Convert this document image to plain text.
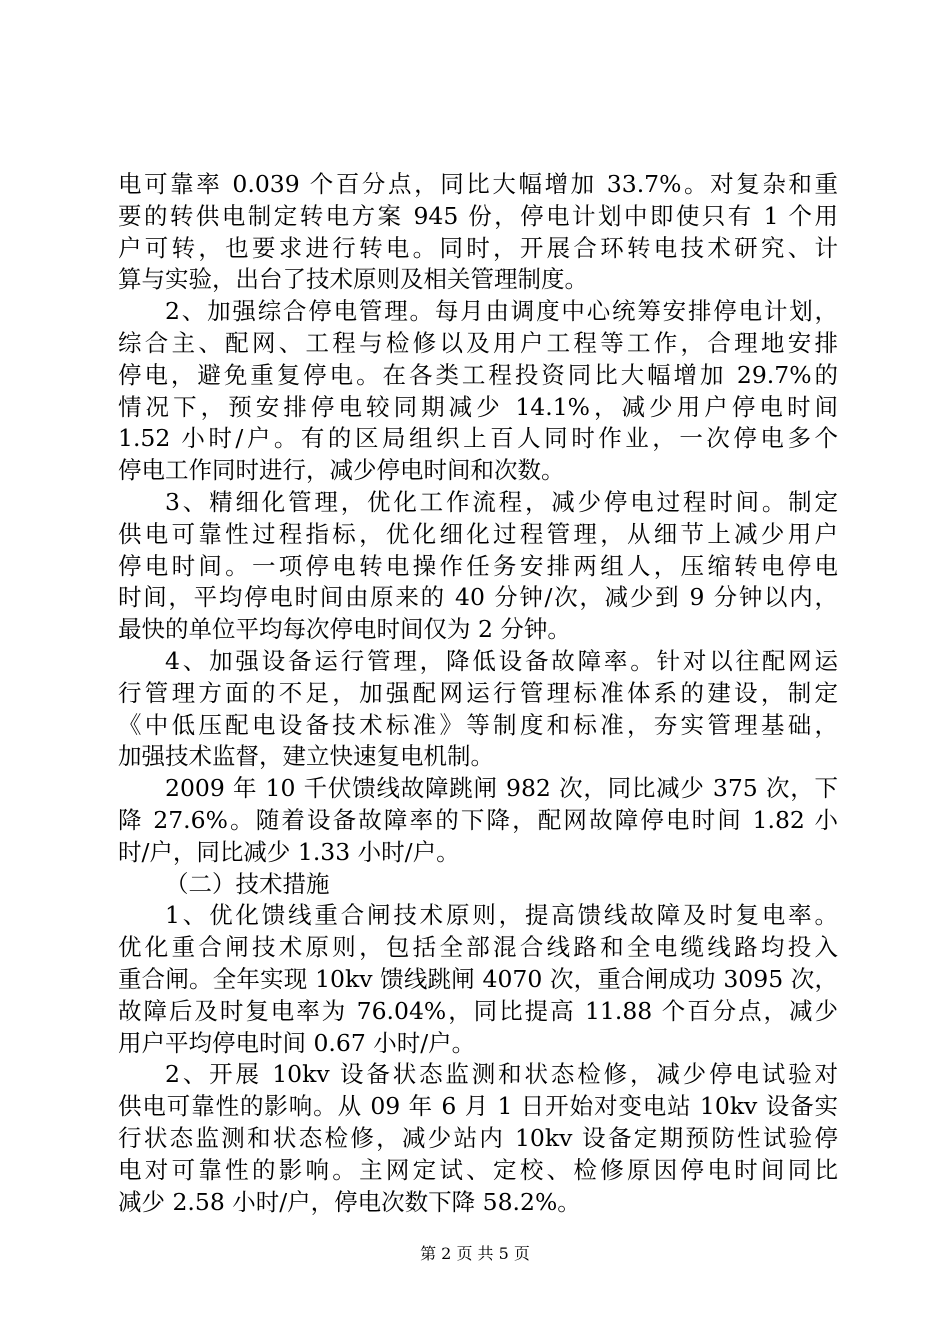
电可靠率 0.039 个百分点，同比大幅增加 33.7%。对复杂和重
要的转供电制定转电方案 945 份，停电计划中即使只有 1 个用
户可转，也要求进行转电。同时，开展合环转电技术研究、计
算与实验，出台了技术原则及相关管理制度。
2、加强综合停电管理。每月由调度中心统筹安排停电计划，
综合主、配网、工程与检修以及用户工程等工作，合理地安排
停电，避免重复停电。在各类工程投资同比大幅增加 29.7%的
情况下，预安排停电较同期减少 14.1%，减少用户停电时间
1.52 小时/户。有的区局组织上百人同时作业，一次停电多个
停电工作同时进行，减少停电时间和次数。
3、精细化管理，优化工作流程，减少停电过程时间。制定
供电可靠性过程指标，优化细化过程管理，从细节上减少用户
停电时间。一项停电转电操作任务安排两组人，压缩转电停电
时间，平均停电时间由原来的 40 分钟/次，减少到 9 分钟以内，
最快的单位平均每次停电时间仅为 2 分钟。
4、加强设备运行管理，降低设备故障率。针对以往配网运
行管理方面的不足，加强配网运行管理标准体系的建设，制定
《中低压配电设备技术标准》等制度和标准，夯实管理基础，
加强技术监督，建立快速复电机制。
2009 年 10 千伏馈线故障跳闸 982 次，同比减少 375 次，下
降 27.6%。随着设备故障率的下降，配网故障停电时间 1.82 小
时/户，同比减少 1.33 小时/户。
（二）技术措施
1、优化馈线重合闸技术原则，提高馈线故障及时复电率。
优化重合闸技术原则，包括全部混合线路和全电缆线路均投入
重合闸。全年实现 10kv 馈线跳闸 4070 次，重合闸成功 3095 次，
故障后及时复电率为 76.04%，同比提高 11.88 个百分点，减少
用户平均停电时间 0.67 小时/户。
2、开展 10kv 设备状态监测和状态检修，减少停电试验对
供电可靠性的影响。从 09 年 6 月 1 日开始对变电站 10kv 设备实
行状态监测和状态检修，减少站内 10kv 设备定期预防性试验停
电对可靠性的影响。主网定试、定校、检修原因停电时间同比
减少 2.58 小时/户，停电次数下降 58.2%。
第 2 页 共 5 页
